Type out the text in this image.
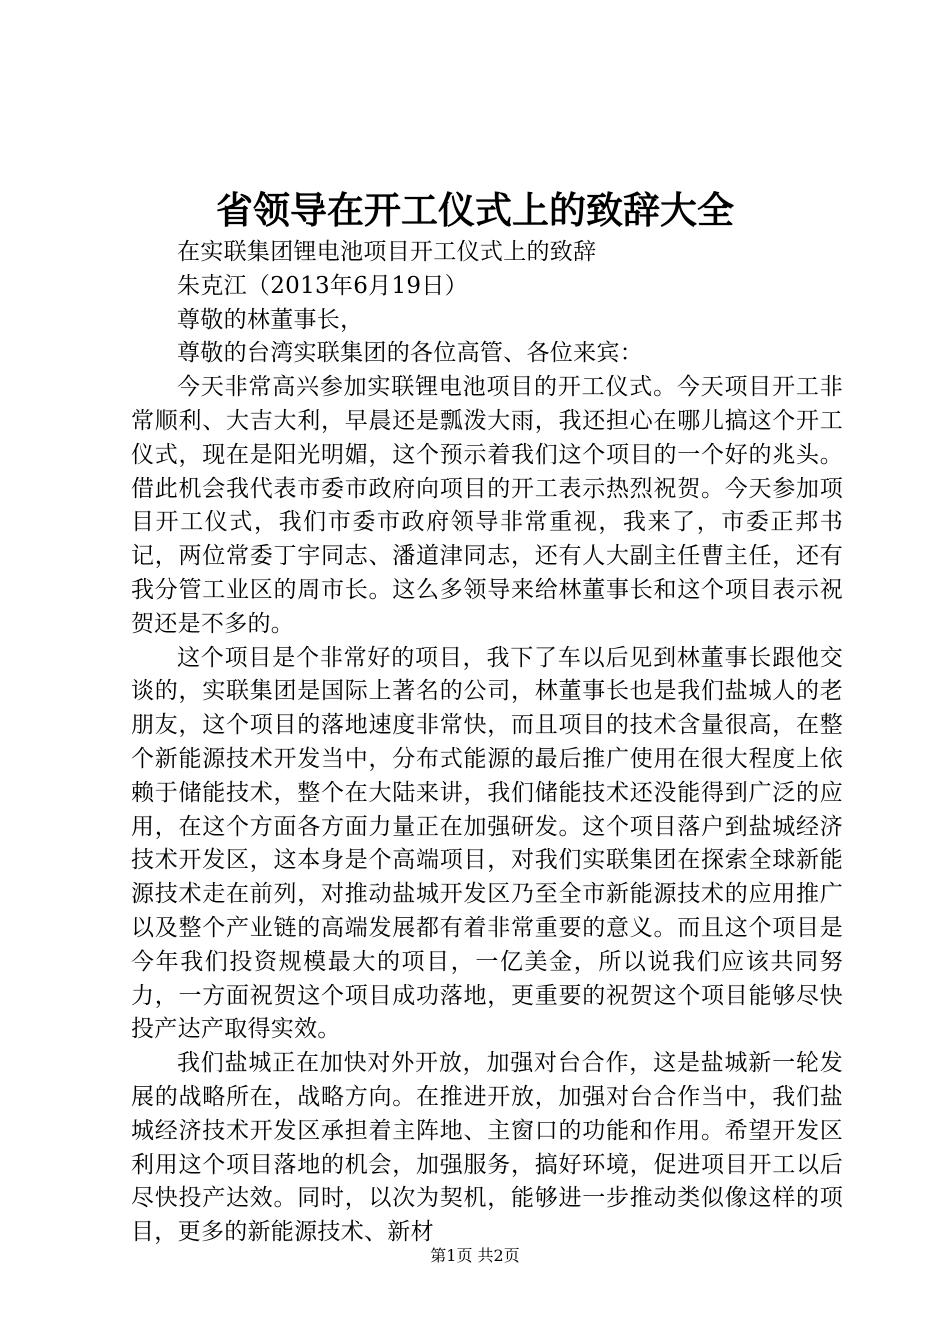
省领导在开工仪式上的致辞大全

在实联集团锂电池项目开工仪式上的致辞

朱克江（2013年6月19日）

尊敬的林董事长，

尊敬的台湾实联集团的各位高管、各位来宾：

今天非常高兴参加实联锂电池项目的开工仪式。今天项目开工非常顺利、大吉大利，早晨还是瓢泼大雨，我还担心在哪儿搞这个开工仪式，现在是阳光明媚，这个预示着我们这个项目的一个好的兆头。借此机会我代表市委市政府向项目的开工表示热烈祝贺。今天参加项目开工仪式，我们市委市政府领导非常重视，我来了，市委正邦书记，两位常委丁宇同志、潘道津同志，还有人大副主任曹主任，还有我分管工业区的周市长。这么多领导来给林董事长和这个项目表示祝贺还是不多的。

这个项目是个非常好的项目，我下了车以后见到林董事长跟他交谈的，实联集团是国际上著名的公司，林董事长也是我们盐城人的老朋友，这个项目的落地速度非常快，而且项目的技术含量很高，在整个新能源技术开发当中，分布式能源的最后推广使用在很大程度上依赖于储能技术，整个在大陆来讲，我们储能技术还没能得到广泛的应用，在这个方面各方面力量正在加强研发。这个项目落户到盐城经济技术开发区，这本身是个高端项目，对我们实联集团在探索全球新能源技术走在前列，对推动盐城开发区乃至全市新能源技术的应用推广以及整个产业链的高端发展都有着非常重要的意义。而且这个项目是今年我们投资规模最大的项目，一亿美金，所以说我们应该共同努力，一方面祝贺这个项目成功落地，更重要的祝贺这个项目能够尽快投产达产取得实效。

我们盐城正在加快对外开放，加强对台合作，这是盐城新一轮发展的战略所在，战略方向。在推进开放，加强对台合作当中，我们盐城经济技术开发区承担着主阵地、主窗口的功能和作用。希望开发区利用这个项目落地的机会，加强服务，搞好环境，促进项目开工以后尽快投产达效。同时，以次为契机，能够进一步推动类似像这样的项目，更多的新能源技术、新材

第1页 共2页
